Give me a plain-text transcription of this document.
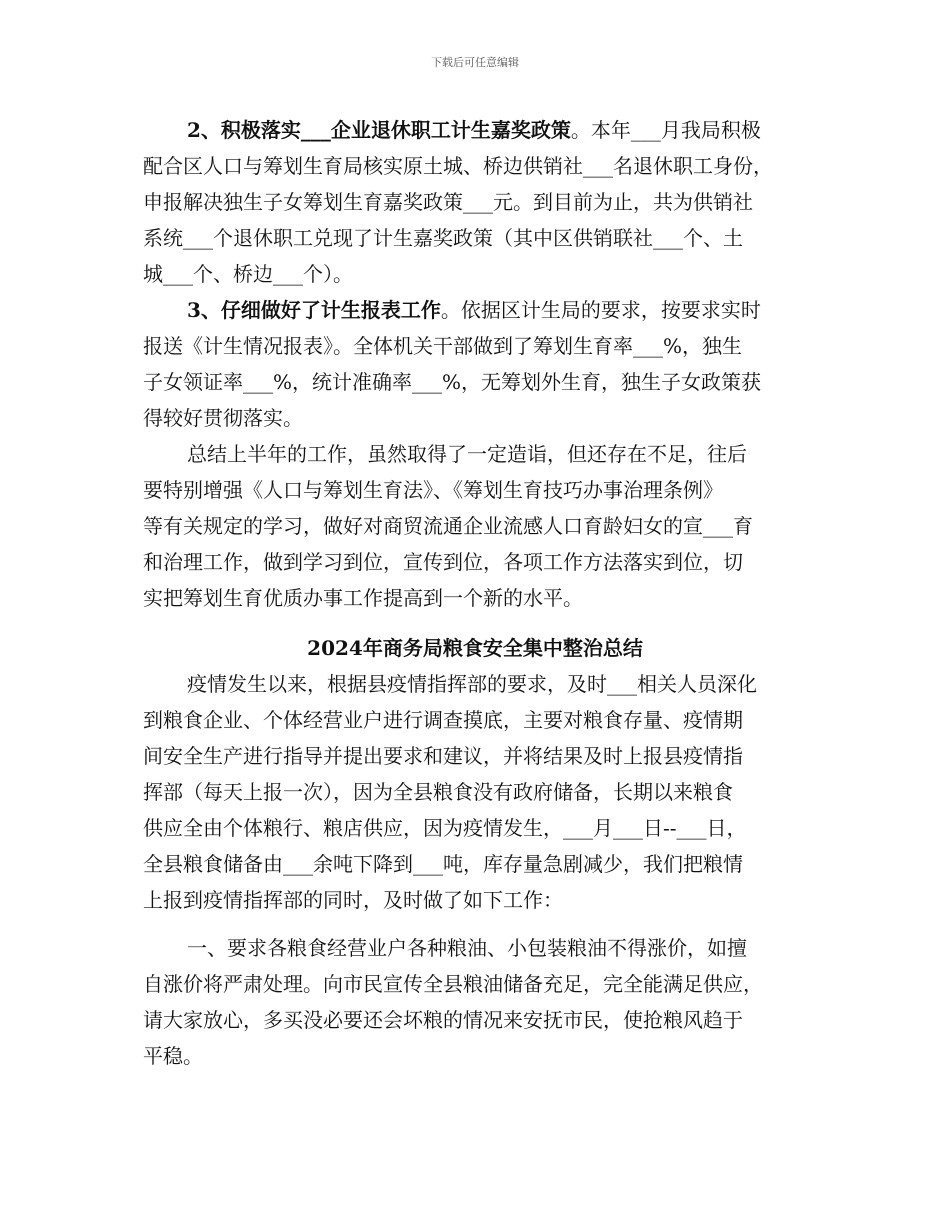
下载后可任意编辑
2、积极落实___企业退休职工计生嘉奖政策。本年___月我局积极
配合区人口与筹划生育局核实原土城、桥边供销社___名退休职工身份，
申报解决独生子女筹划生育嘉奖政策___元。到目前为止，共为供销社
系统___个退休职工兑现了计生嘉奖政策（其中区供销联社___个、土
城___个、桥边___个）。
3、仔细做好了计生报表工作。依据区计生局的要求，按要求实时
报送《计生情况报表》。全体机关干部做到了筹划生育率___%，独生
子女领证率___%，统计准确率___%，无筹划外生育，独生子女政策获
得较好贯彻落实。
总结上半年的工作，虽然取得了一定造诣，但还存在不足，往后
要特别增强《人口与筹划生育法》、《筹划生育技巧办事治理条例》
等有关规定的学习，做好对商贸流通企业流感人口育龄妇女的宣___育
和治理工作，做到学习到位，宣传到位，各项工作方法落实到位，切
实把筹划生育优质办事工作提高到一个新的水平。
2024年商务局粮食安全集中整治总结
疫情发生以来，根据县疫情指挥部的要求，及时___相关人员深化
到粮食企业、个体经营业户进行调查摸底，主要对粮食存量、疫情期
间安全生产进行指导并提出要求和建议，并将结果及时上报县疫情指
挥部（每天上报一次），因为全县粮食没有政府储备，长期以来粮食
供应全由个体粮行、粮店供应，因为疫情发生，___月___日--___日，
全县粮食储备由___余吨下降到___吨，库存量急剧减少，我们把粮情
上报到疫情指挥部的同时，及时做了如下工作：
一、要求各粮食经营业户各种粮油、小包装粮油不得涨价，如擅
自涨价将严肃处理。向市民宣传全县粮油储备充足，完全能满足供应，
请大家放心，多买没必要还会坏粮的情况来安抚市民，使抢粮风趋于
平稳。
